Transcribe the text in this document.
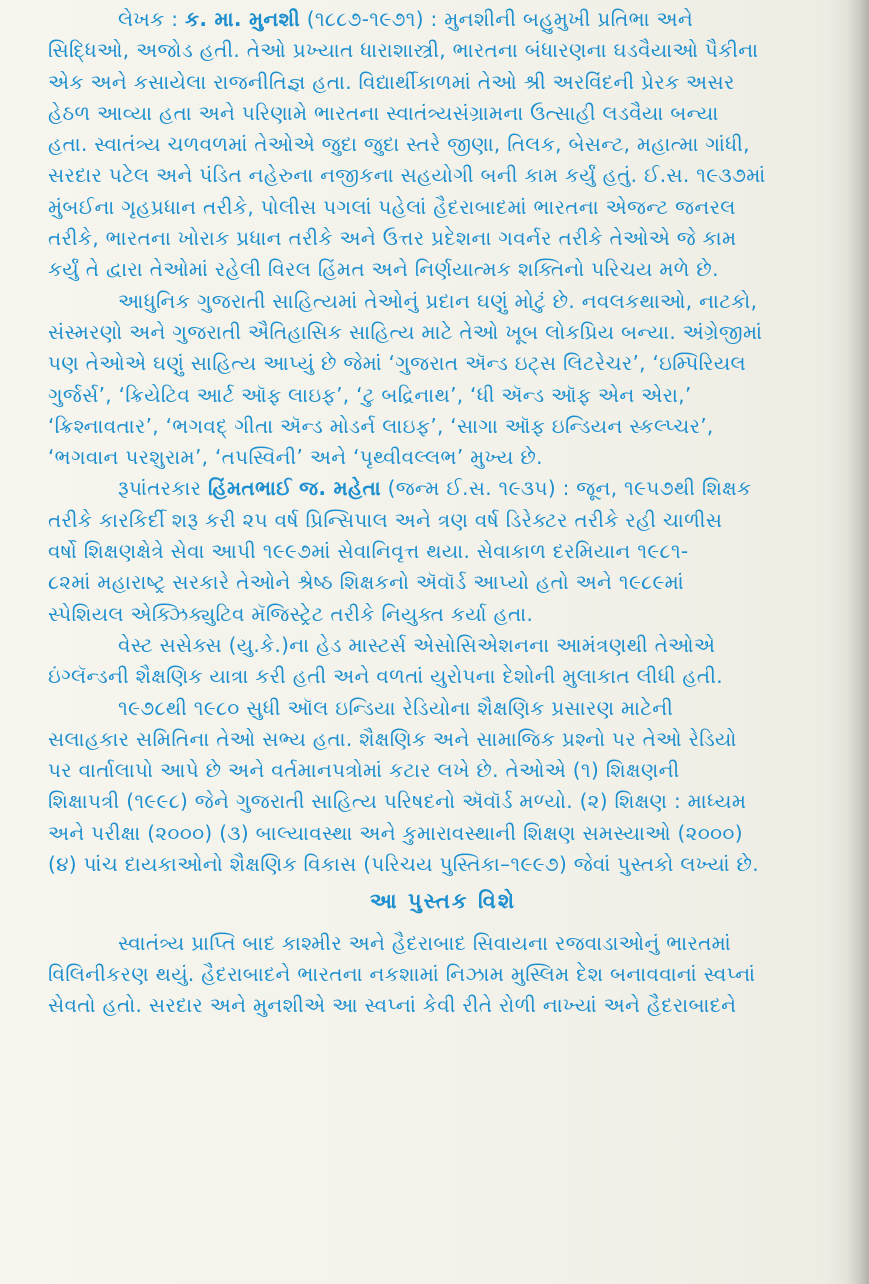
લેખક : ક. મા. મુનશી (૧૮૮૭-૧૯૭૧) : મુનશીની બહુમુખી પ્રતિભા અને
સિદ્ધિઓ, અજોડ હતી. તેઓ પ્રખ્યાત ધારાશાસ્ત્રી, ભારતના બંધારણના ઘડવૈયાઓ પૈકીના
એક અને કસાયેલા રાજનીતિજ્ઞ હતા. વિદ્યાર્થીકાળમાં તેઓ શ્રી અરવિંદની પ્રેરક અસર
હેઠળ આવ્યા હતા અને પરિણામે ભારતના સ્વાતંત્ર્યસંગ્રામના ઉત્સાહી લડવૈયા બન્યા
હતા. સ્વાતંત્ર્ય ચળવળમાં તેઓએ જુદા જુદા સ્તરે જીણા, તિલક, બેસન્ટ, મહાત્મા ગાંધી,
સરદાર પટેલ અને પંડિત નહેરુના નજીકના સહયોગી બની કામ કર્યું હતું. ઈ.સ. ૧૯૩૭માં
મુંબઈના ગૃહપ્રધાન તરીકે, પોલીસ પગલાં પહેલાં હૈદરાબાદમાં ભારતના એજન્ટ જનરલ
તરીકે, ભારતના ખોરાક પ્રધાન તરીકે અને ઉત્તર પ્રદેશના ગવર્નર તરીકે તેઓએ જે કામ
કર્યું તે દ્વારા તેઓમાં રહેલી વિરલ હિંમત અને નિર્ણયાત્મક શક્તિનો પરિચય મળે છે.
આધુનિક ગુજરાતી સાહિત્યમાં તેઓનું પ્રદાન ઘણું મોટું છે. નવલકથાઓ, નાટકો,
સંસ્મરણો અને ગુજરાતી ઐતિહાસિક સાહિત્ય માટે તેઓ ખૂબ લોકપ્રિય બન્યા. અંગ્રેજીમાં
પણ તેઓએ ઘણું સાહિત્ય આપ્યું છે જેમાં ‘ગુજરાત ઍન્ડ ઇટ્સ લિટરેચર’, ‘ઇમ્પિરિયલ
ગુર્જર્સ’, ‘ક્રિયેટિવ આર્ટ ઑફ લાઇફ’, ‘ટુ બદ્રિનાથ’, ‘ધી ઍન્ડ ઑફ એન એરા,’
‘ક્રિશ્નાવતાર’, ‘ભગવદ્ ગીતા ઍન્ડ મોડર્ન લાઇફ’, ‘સાગા ઑફ ઇન્ડિયન સ્કલ્પ્ચર’,
‘ભગવાન પરશુરામ’, ‘તપસ્વિની’ અને ‘પૃથ્વીવલ્લભ’ મુખ્ય છે.
રૂપાંતરકાર હિંમતભાઈ જ. મહેતા (જન્મ ઈ.સ. ૧૯૩૫) : જૂન, ૧૯૫૭થી શિક્ષક
તરીકે કારકિર્દી શરૂ કરી ૨૫ વર્ષ પ્રિન્સિપાલ અને ત્રણ વર્ષ ડિરેક્ટર તરીકે રહી ચાળીસ
વર્ષો શિક્ષણક્ષેત્રે સેવા આપી ૧૯૯૭માં સેવાનિવૃત્ત થયા. સેવાકાળ દરમિયાન ૧૯૮૧-
૮૨માં મહારાષ્ટ્ર સરકારે તેઓને શ્રેષ્ઠ શિક્ષકનો ઍવૉર્ડ આપ્યો હતો અને ૧૯૮૯માં
સ્પેશિયલ એક્ઝિક્યુટિવ મૅજિસ્ટ્રેટ તરીકે નિયુક્ત કર્યા હતા.
વેસ્ટ સસેક્સ (યુ.કે.)ના હેડ માસ્ટર્સ એસોસિએશનના આમંત્રણથી તેઓએ
ઇંગ્લૅન્ડની શૈક્ષણિક યાત્રા કરી હતી અને વળતાં યુરોપના દેશોની મુલાકાત લીધી હતી.
૧૯૭૮થી ૧૯૮૦ સુધી ઑલ ઇન્ડિયા રેડિયોના શૈક્ષણિક પ્રસારણ માટેની
સલાહકાર સમિતિના તેઓ સભ્ય હતા. શૈક્ષણિક અને સામાજિક પ્રશ્નો પર તેઓ રેડિયો
પર વાર્તાલાપો આપે છે અને વર્તમાનપત્રોમાં કટાર લખે છે. તેઓએ (૧) શિક્ષણની
શિક્ષાપત્રી (૧૯૯૮) જેને ગુજરાતી સાહિત્ય પરિષદનો ઍવૉર્ડ મળ્યો. (૨) શિક્ષણ : માધ્યમ
અને પરીક્ષા (૨૦૦૦) (૩) બાલ્યાવસ્થા અને કુમારાવસ્થાની શિક્ષણ સમસ્યાઓ (૨૦૦૦)
(૪) પાંચ દાયકાઓનો શૈક્ષણિક વિકાસ (પરિચય પુસ્તિકા–૧૯૯૭) જેવાં પુસ્તકો લખ્યાં છે.
આ પુસ્તક વિશે
સ્વાતંત્ર્ય પ્રાપ્તિ બાદ કાશ્મીર અને હૈદરાબાદ સિવાયના રજવાડાઓનું ભારતમાં
વિલિનીકરણ થયું. હૈદરાબાદને ભારતના નકશામાં નિઝામ મુસ્લિમ દેશ બનાવવાનાં સ્વપ્નાં
સેવતો હતો. સરદાર અને મુનશીએ આ સ્વપ્નાં કેવી રીતે રોળી નાખ્યાં અને હૈદરાબાદને
